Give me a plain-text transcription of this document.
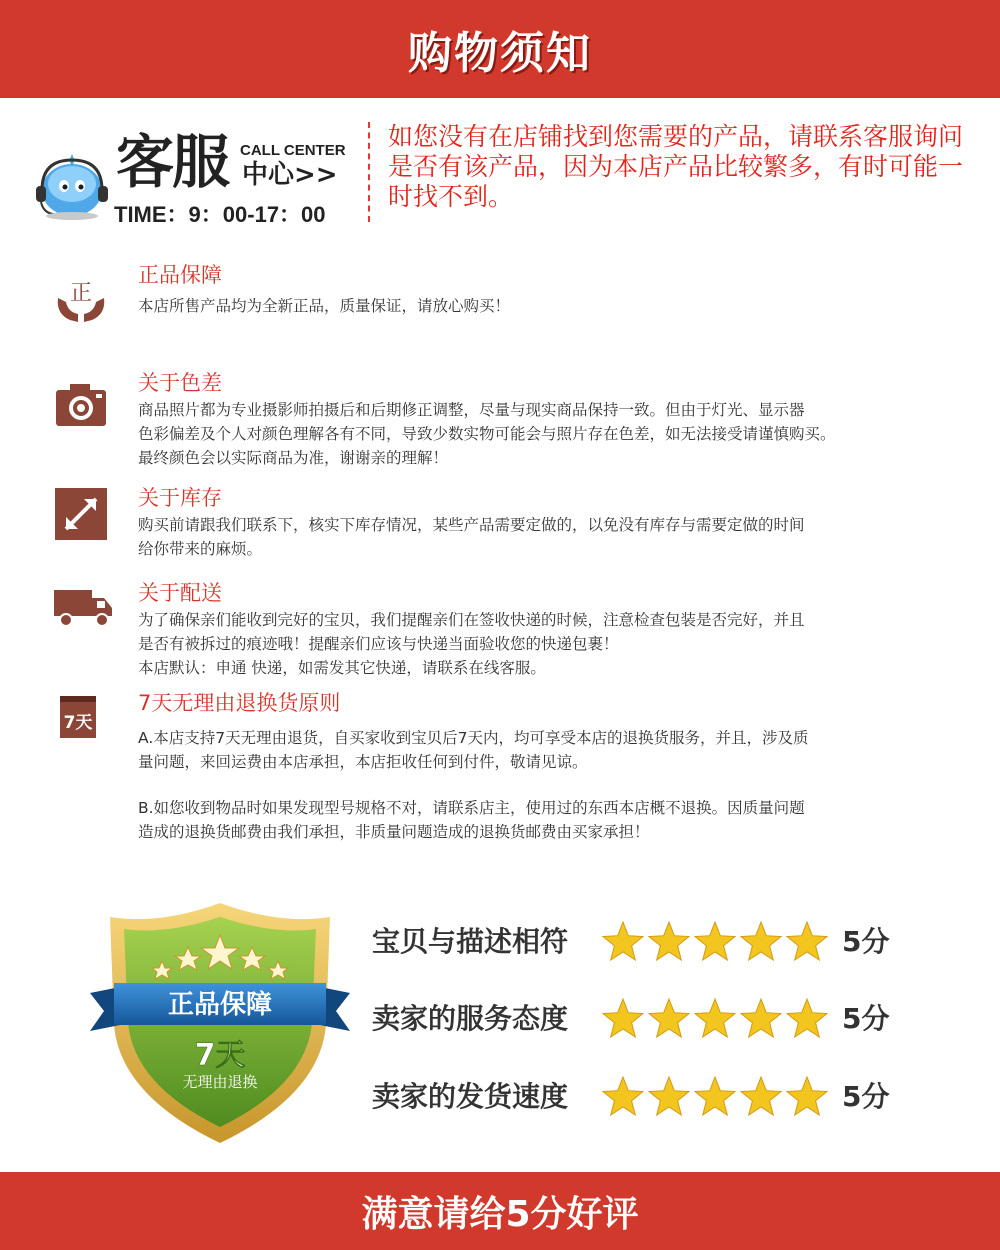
购物须知
客服 CALL CENTER
中心>>
TIME：9：00-17：00
如您没有在店铺找到您需要的产品，请联系客服询问是否有该产品，因为本店产品比较繁多，有时可能一时找不到。
正
正品保障
本店所售产品均为全新正品，质量保证，请放心购买！
关于色差
商品照片都为专业摄影师拍摄后和后期修正调整，尽量与现实商品保持一致。但由于灯光、显示器
色彩偏差及个人对颜色理解各有不同，导致少数实物可能会与照片存在色差，如无法接受请谨慎购买。
最终颜色会以实际商品为准，谢谢亲的理解！
关于库存
购买前请跟我们联系下，核实下库存情况，某些产品需要定做的，以免没有库存与需要定做的时间
给你带来的麻烦。
关于配送
为了确保亲们能收到完好的宝贝，我们提醒亲们在签收快递的时候，注意检查包装是否完好，并且
是否有被拆过的痕迹哦！提醒亲们应该与快递当面验收您的快递包裹！
本店默认：申通 快递，如需发其它快递，请联系在线客服。
7天
7天无理由退换货原则
A.本店支持7天无理由退货，自买家收到宝贝后7天内，均可享受本店的退换货服务，并且，涉及质
量问题，来回运费由本店承担，本店拒收任何到付件，敬请见谅。
B.如您收到物品时如果发现型号规格不对，请联系店主，使用过的东西本店概不退换。因质量问题
造成的退换货邮费由我们承担，非质量问题造成的退换货邮费由买家承担！
正品保障
7天
无理由退换
宝贝与描述相符	5分
卖家的服务态度	5分
卖家的发货速度	5分
满意请给5分好评
